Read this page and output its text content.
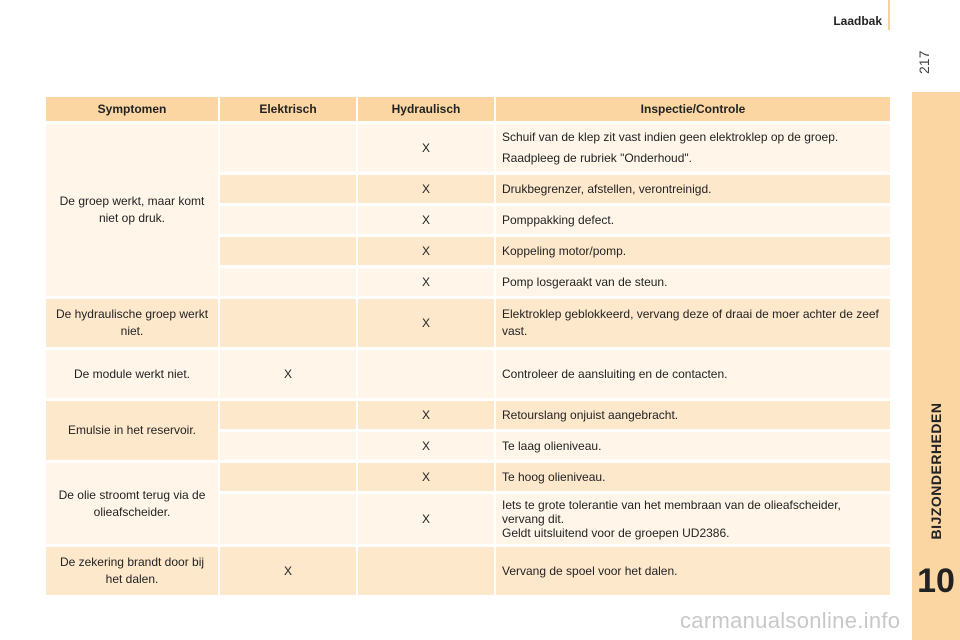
Laadbak
217
BIJZONDERHEDEN
10
Symptomen	Elektrisch	Hydraulisch	Inspectie/Controle
De groep werkt, maar komt niet op druk.		X	Schuif van de klep zit vast indien geen elektroklep op de groep.
Raadpleeg de rubriek "Onderhoud".

		X	Drukbegrenzer, afstellen, verontreinigd.
		X	Pomppakking defect.
		X	Koppeling motor/pomp.
		X	Pomp losgeraakt van de steun.
De hydraulische groep werkt niet.		X	Elektroklep geblokkeerd, vervang deze of draai de moer achter de zeef vast.
De module werkt niet.	X		Controleer de aansluiting en de contacten.
Emulsie in het reservoir.		X	Retourslang onjuist aangebracht.
		X	Te laag olieniveau.
De olie stroomt terug via de olieafscheider.		X	Te hoog olieniveau.
		X	Iets te grote tolerantie van het membraan van de olieafscheider, vervang dit.
Geldt uitsluitend voor de groepen UD2386.

De zekering brandt door bij het dalen.	X		Vervang de spoel voor het dalen.
carmanualsonline.info
